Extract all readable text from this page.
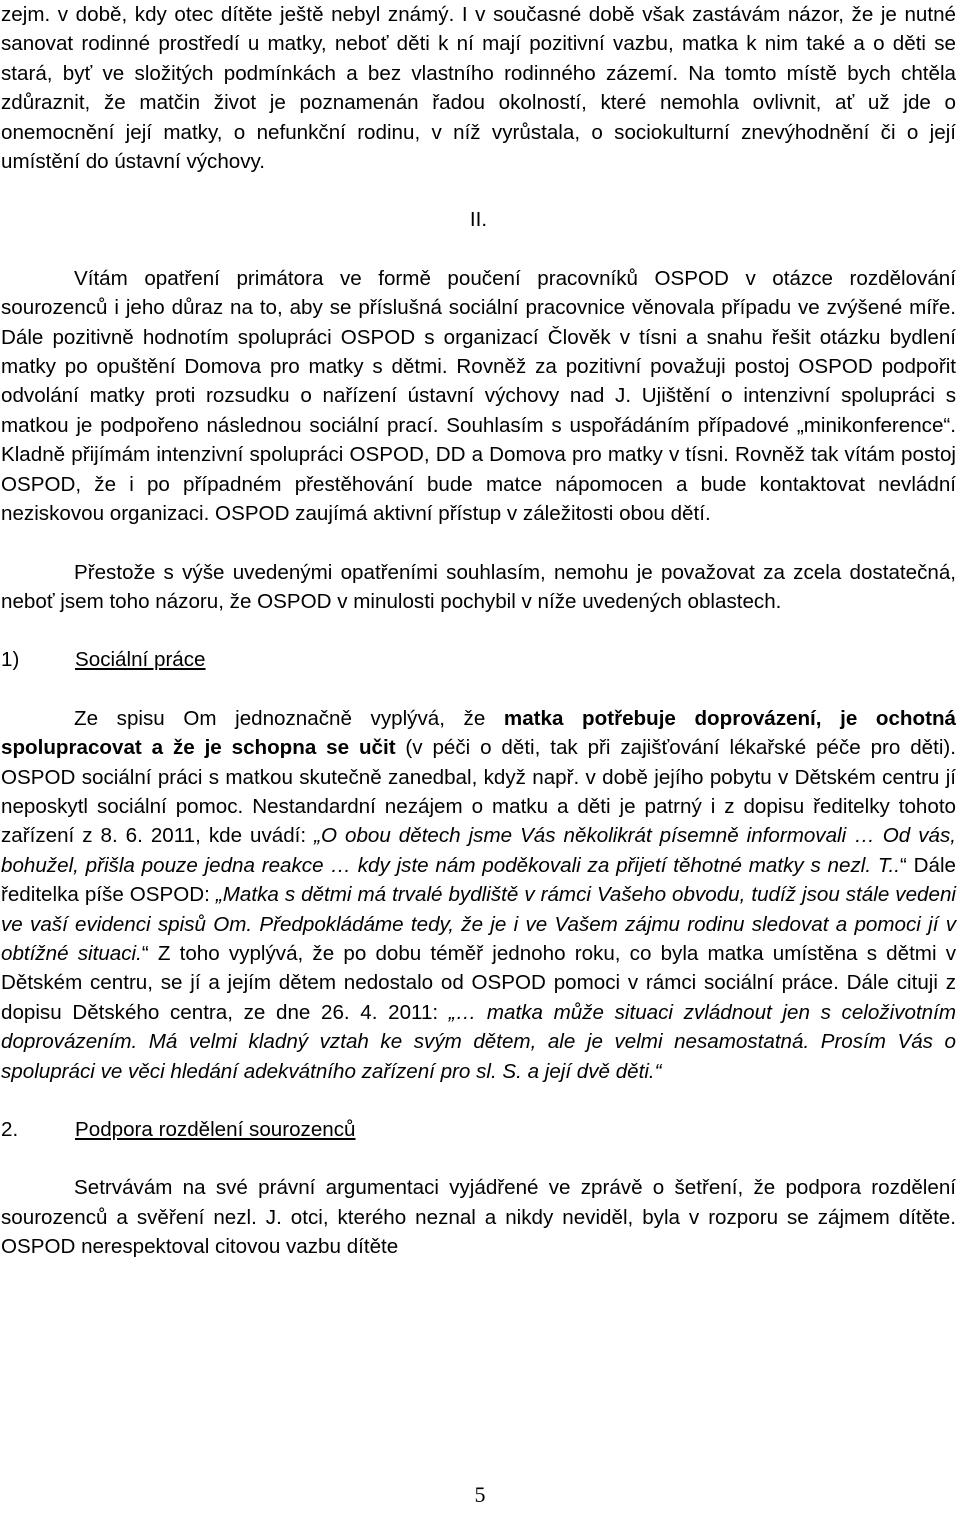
zejm. v době, kdy otec dítěte ještě nebyl známý. I v současné době však zastávám názor, že je nutné sanovat rodinné prostředí u matky, neboť děti k ní mají pozitivní vazbu, matka k nim také a o děti se stará, byť ve složitých podmínkách a bez vlastního rodinného zázemí. Na tomto místě bych chtěla zdůraznit, že matčin život je poznamenán řadou okolností, které nemohla ovlivnit, ať už jde o onemocnění její matky, o nefunkční rodinu, v níž vyrůstala, o sociokulturní znevýhodnění či o její umístění do ústavní výchovy.

II.

Vítám opatření primátora ve formě poučení pracovníků OSPOD v otázce rozdělování sourozenců i jeho důraz na to, aby se příslušná sociální pracovnice věnovala případu ve zvýšené míře. Dále pozitivně hodnotím spolupráci OSPOD s organizací Člověk v tísni a snahu řešit otázku bydlení matky po opuštění Domova pro matky s dětmi. Rovněž za pozitivní považuji postoj OSPOD podpořit odvolání matky proti rozsudku o nařízení ústavní výchovy nad J. Ujištění o intenzivní spolupráci s matkou je podpořeno následnou sociální prací. Souhlasím s uspořádáním případové „minikonference“. Kladně přijímám intenzivní spolupráci OSPOD, DD a Domova pro matky v tísni. Rovněž tak vítám postoj OSPOD, že i po případném přestěhování bude matce nápomocen a bude kontaktovat nevládní neziskovou organizaci. OSPOD zaujímá aktivní přístup v záležitosti obou dětí.

Přestože s výše uvedenými opatřeními souhlasím, nemohu je považovat za zcela dostatečná, neboť jsem toho názoru, že OSPOD v minulosti pochybil v níže uvedených oblastech.

1)	Sociální práce

Ze spisu Om jednoznačně vyplývá, že matka potřebuje doprovázení, je ochotná spolupracovat a že je schopna se učit (v péči o děti, tak při zajišťování lékařské péče pro děti). OSPOD sociální práci s matkou skutečně zanedbal, když např. v době jejího pobytu v Dětském centru jí neposkytl sociální pomoc. Nestandardní nezájem o matku a děti je patrný i z dopisu ředitelky tohoto zařízení z 8. 6. 2011, kde uvádí: „O obou dětech jsme Vás několikrát písemně informovali … Od vás, bohužel, přišla pouze jedna reakce … kdy jste nám poděkovali za přijetí těhotné matky s nezl. T..“ Dále ředitelka píše OSPOD: „Matka s dětmi má trvalé bydliště v rámci Vašeho obvodu, tudíž jsou stále vedeni ve vaší evidenci spisů Om. Předpokládáme tedy, že je i ve Vašem zájmu rodinu sledovat a pomoci jí v obtížné situaci.“ Z toho vyplývá, že po dobu téměř jednoho roku, co byla matka umístěna s dětmi v Dětském centru, se jí a jejím dětem nedostalo od OSPOD pomoci v rámci sociální práce. Dále cituji z dopisu Dětského centra, ze dne 26. 4. 2011: „… matka může situaci zvládnout jen s celoživotním doprovázením. Má velmi kladný vztah ke svým dětem, ale je velmi nesamostatná. Prosím Vás o spolupráci ve věci hledání adekvátního zařízení pro sl. S. a její dvě děti.“

2.	Podpora rozdělení sourozenců

Setrvávám na své právní argumentaci vyjádřené ve zprávě o šetření, že podpora rozdělení sourozenců a svěření nezl. J. otci, kterého neznal a nikdy neviděl, byla v rozporu se zájmem dítěte. OSPOD nerespektoval citovou vazbu dítěte

5
